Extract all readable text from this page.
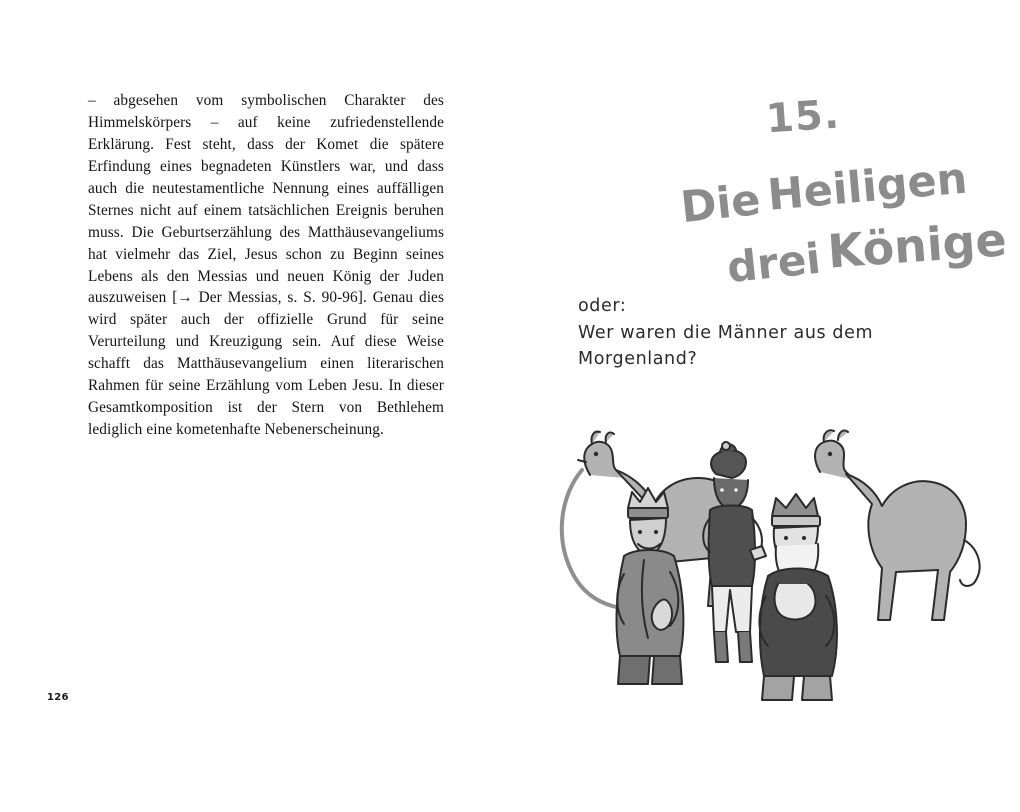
– abgesehen vom symbolischen Charakter des Himmelskörpers – auf keine zufriedenstellende Erklärung. Fest steht, dass der Komet die spätere Erfindung eines begnadeten Künstlers war, und dass auch die neutestamentliche Nennung eines auffälligen Sternes nicht auf einem tatsächlichen Ereignis beruhen muss. Die Geburtserzählung des Matthäusevangeliums hat vielmehr das Ziel, Jesus schon zu Beginn seines Lebens als den Messias und neuen König der Juden auszuweisen [→ Der Messias, s. S. 90-96]. Genau dies wird später auch der offizielle Grund für seine Verurteilung und Kreuzigung sein. Auf diese Weise schafft das Matthäusevangelium einen literarischen Rahmen für seine Erzählung vom Leben Jesu. In dieser Gesamtkomposition ist der Stern von Bethlehem lediglich eine kometenhafte Nebenerscheinung.
126
15.
DieHeiligen
dreiKönige
oder:
Wer waren die Männer aus dem
Morgenland?
